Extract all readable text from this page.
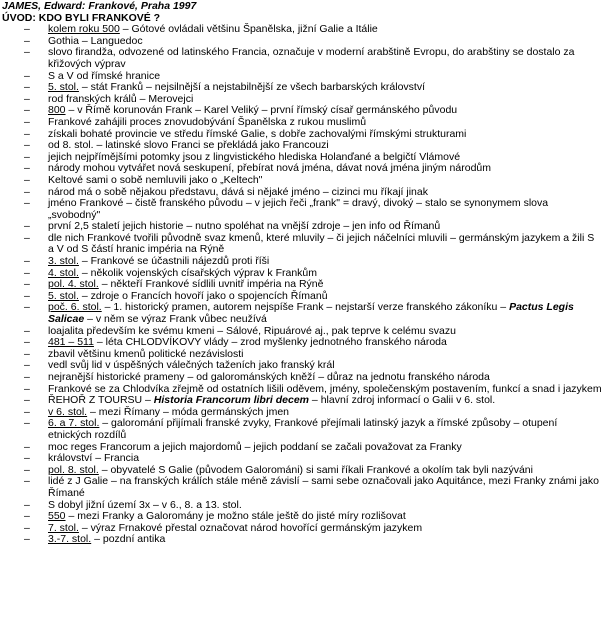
JAMES, Edward: Frankové, Praha 1997
ÚVOD: KDO BYLI FRANKOVÉ ?
– kolem roku 500 – Gótové ovládali většinu Španělska, jižní Galie a Itálie
– Gothia – Languedoc
– slovo firandža, odvozené od latinského Francia, označuje v moderní arabštině Evropu, do arabštiny se dostalo za křižových výprav
– S a V od římské hranice
– 5. stol. – stát Franků – nejsilnější a nejstabilnější ze všech barbarských království
– rod franských králů – Merovejci
– 800 – v Římě korunován Frank – Karel Veliký – první římský císař germánského původu
– Frankové zahájili proces znovudobývání Španělska z rukou muslimů
– získali bohaté provincie ve středu římské Galie, s dobře zachovalými římskými strukturami
– od 8. stol. – latinské slovo Franci se překládá jako Francouzi
– jejich nejpřímějšími potomky jsou z lingvistického hlediska Holanďané a belgičtí Vlámové
– národy mohou vytvářet nová seskupení, přebírat nová jména, dávat nová jména jiným národům
– Keltové sami o sobě nemluvili jako o „Keltech"
– národ má o sobě nějakou představu, dává si nějaké jméno – cizinci mu říkají jinak
– jméno Frankové – čistě franského původu – v jejich řeči „frank" = dravý, divoký – stalo se synonymem slova „svobodný"
– první 2,5 staletí jejich historie – nutno spoléhat na vnější zdroje – jen info od Římanů
– dle nich Frankové tvořili původně svaz kmenů, které mluvily – či jejich náčelníci mluvili – germánským jazykem a žili S a V od S částí hranic impéria na Rýně
– 3. stol. – Frankové se účastnili nájezdů proti říši
– 4. stol. – několik vojenských císařských výprav k Frankům
– pol. 4. stol. – někteří Frankové sídlili uvnitř impéria na Rýně
– 5. stol. – zdroje o Francích hovoří jako o spojencích Římanů
– poč. 6. stol. – 1. historický pramen, autorem nejspíše Frank – nejstarší verze franského zákoníku – Pactus Legis Salicae – v něm se výraz Frank vůbec neužívá
– loajalita především ke svému kmeni – Sálové, Ripuárové aj., pak teprve k celému svazu
– 481 – 511 – léta CHLODVÍKOVY vlády – zrod myšlenky jednotného franského národa
– zbavil většinu kmenů politické nezávislosti
– vedl svůj lid v úspěšných válečných taženích jako franský král
– nejranější historické prameny – od galorománských kněží – důraz na jednotu franského národa
– Frankové se za Chlodvíka zřejmě od ostatních lišili oděvem, jmény, společenským postavením, funkcí a snad i jazykem
– ŘEHOŘ Z TOURSU – Historia Francorum libri decem – hlavní zdroj informací o Galii v 6. stol.
– v 6. stol. – mezi Římany – móda germánských jmen
– 6. a 7. stol. – galoromání přijímali franské zvyky, Frankové přejímali latinský jazyk a římské způsoby – otupení etnických rozdílů
– moc reges Francorum a jejich majordomů – jejich poddaní se začali považovat za Franky
– království – Francia
– pol. 8. stol. – obyvatelé S Galie (původem Galorománi) si sami říkali Frankové a okolím tak byli nazýváni
– lidé z J Galie – na franských králích stále méně závislí – sami sebe označovali jako Aquitánce, mezi Franky známi jako Římané
– S dobyl jižní území 3x – v 6., 8. a 13. stol.
– 550 – mezi Franky a Galoromány je možno stále ještě do jisté míry rozlišovat
– 7. stol. – výraz Frnakové přestal označovat národ hovořící germánským jazykem
– 3.-7. stol. – pozdní antika
